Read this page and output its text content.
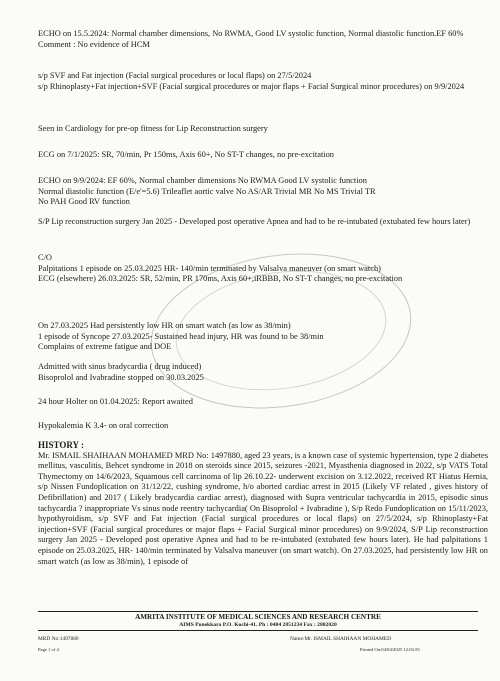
ECHO on 15.5.2024: Normal chamber dimensions, No RWMA, Good LV systolic function, Normal diastolic function.EF 60%

Comment : No evidence of HCM

s/p SVF and Fat injection (Facial surgical procedures or local flaps) on 27/5/2024

s/p Rhinoplasty+Fat injection+SVF (Facial surgical procedures or major flaps + Facial Surgical minor procedures) on 9/9/2024

Seen in Cardiology for pre-op fitness for Lip Reconstruction surgery

ECG on 7/1/2025: SR, 70/min, Pr 150ms, Axis 60+, No ST-T changes, no pre-excitation

ECHO on 9/9/2024: EF 60%, Normal chamber dimensions No RWMA Good LV systolic function

Normal diastolic function (E/e'=5.6) Trileaflet aortic valve No AS/AR Trivial MR No MS Trivial TR

No PAH Good RV function

S/P Lip reconstruction surgery Jan 2025 - Developed post operative Apnea and had to be re-intubated (extubated few hours later)

C/O

Palpitations 1 episode on 25.03.2025 HR- 140/min terminated by Valsalva maneuver (on smart watch)

ECG (elsewhere) 26.03.2025: SR, 52/min, PR 170ms, Axis 60+,iRBBB, No ST-T changes, no pre-excitation

On 27.03.2025 Had persistently low HR on smart watch (as low as 38/min)

1 episode of Syncope 27.03.2025- Sustained head injury, HR was found to be 38/min

Complains of extreme fatigue and DOE

Admitted with sinus bradycardia ( drug induced)

Bisoprolol and Ivabradine stopped on 30.03.2025

24 hour Holter on 01.04.2025: Report awaited

Hypokalemia K 3.4- on oral correction

HISTORY :

Mr. ISMAIL SHAIHAAN MOHAMED MRD No: 1497880, aged 23 years, is a known case of systemic hypertension, type 2 diabetes mellitus, vasculitis, Behcet syndrome in 2018 on steroids since 2015, seizures -2021, Myasthenia diagnosed in 2022, s/p VATS Total Thymectomy on 14/6/2023, Squamous cell carcinoma of lip 26.10.22- underwent excision on 3.12.2022, received RT Hiatus Hernia, s/p Nissen Fundoplication on 31/12/22, cushing syndrome, h/o aborted cardiac arrest in 2015 (Likely VF related , gives history of Defibrillation) and 2017 ( Likely bradycardia cardiac arrest), diagnosed with Supra ventricular tachycardia in 2015, episodic sinus tachycardia ? inappropriate Vs sinus node reentry tachycardia( On Bisoprolol + Ivabradine ), S/p Redo Fundoplication on 15/11/2023, hypothyroidism, s/p SVF and Fat injection (Facial surgical procedures or local flaps) on 27/5/2024, s/p Rhinoplasty+Fat injection+SVF (Facial surgical procedures or major flaps + Facial Surgical minor procedures) on 9/9/2024, S/P Lip reconstruction surgery Jan 2025 - Developed post operative Apnea and had to be re-intubated (extubated few hours later). He had palpitations 1 episode on 25.03.2025, HR- 140/min terminated by Valsalva maneuver (on smart watch). On 27.03.2025, had persistently low HR on smart watch (as low as 38/min), 1 episode of

AMRITA INSTITUTE OF MEDICAL SCIENCES AND RESEARCH CENTRE
AIMS Ponekkara P.O. Kochi-41. Ph : 0484 2851234 Fax : 2802020
MRD No:1497880	Name:Mr. ISMAIL SHAIHAAN MOHAMED
Page 1 of 4	Printed On:04/04/2025 12:03:55
